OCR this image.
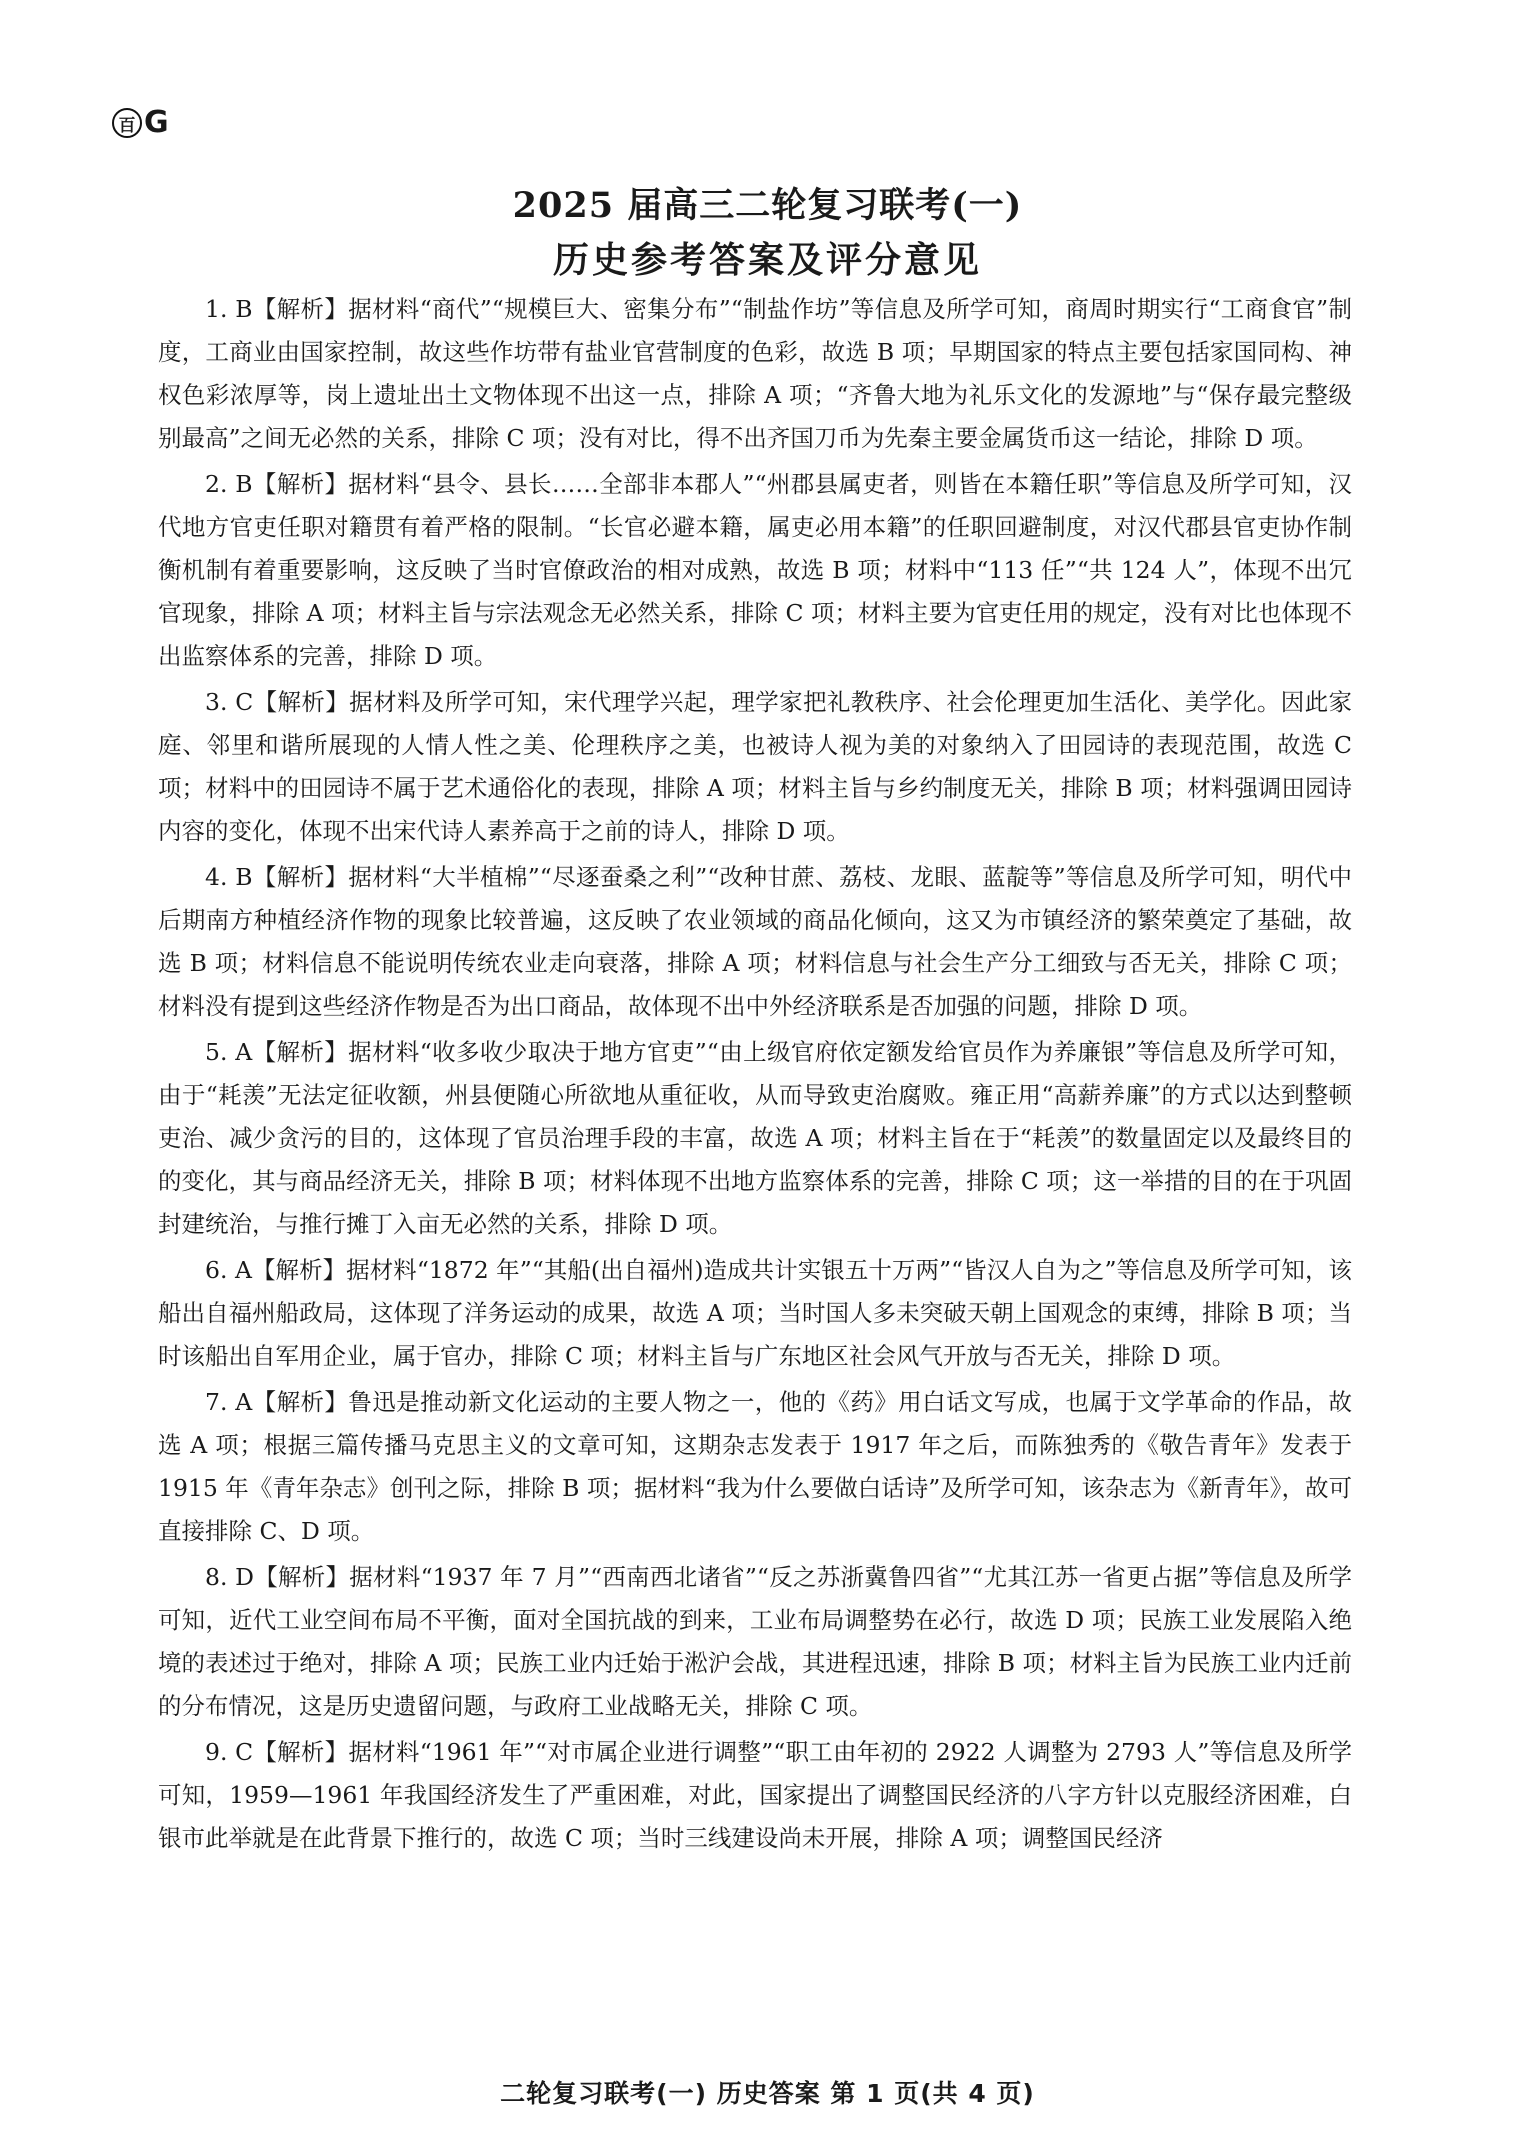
百 G
2025 届高三二轮复习联考(一)
历史参考答案及评分意见

1. B【解析】据材料“商代”“规模巨大、密集分布”“制盐作坊”等信息及所学可知，商周时期实行“工商食官”制度，工商业由国家控制，故这些作坊带有盐业官营制度的色彩，故选 B 项；早期国家的特点主要包括家国同构、神权色彩浓厚等，岗上遗址出土文物体现不出这一点，排除 A 项；“齐鲁大地为礼乐文化的发源地”与“保存最完整级别最高”之间无必然的关系，排除 C 项；没有对比，得不出齐国刀币为先秦主要金属货币这一结论，排除 D 项。

2. B【解析】据材料“县令、县长……全部非本郡人”“州郡县属吏者，则皆在本籍任职”等信息及所学可知，汉代地方官吏任职对籍贯有着严格的限制。“长官必避本籍，属吏必用本籍”的任职回避制度，对汉代郡县官吏协作制衡机制有着重要影响，这反映了当时官僚政治的相对成熟，故选 B 项；材料中“113 任”“共 124 人”，体现不出冗官现象，排除 A 项；材料主旨与宗法观念无必然关系，排除 C 项；材料主要为官吏任用的规定，没有对比也体现不出监察体系的完善，排除 D 项。

3. C【解析】据材料及所学可知，宋代理学兴起，理学家把礼教秩序、社会伦理更加生活化、美学化。因此家庭、邻里和谐所展现的人情人性之美、伦理秩序之美，也被诗人视为美的对象纳入了田园诗的表现范围，故选 C 项；材料中的田园诗不属于艺术通俗化的表现，排除 A 项；材料主旨与乡约制度无关，排除 B 项；材料强调田园诗内容的变化，体现不出宋代诗人素养高于之前的诗人，排除 D 项。

4. B【解析】据材料“大半植棉”“尽逐蚕桑之利”“改种甘蔗、荔枝、龙眼、蓝靛等”等信息及所学可知，明代中后期南方种植经济作物的现象比较普遍，这反映了农业领域的商品化倾向，这又为市镇经济的繁荣奠定了基础，故选 B 项；材料信息不能说明传统农业走向衰落，排除 A 项；材料信息与社会生产分工细致与否无关，排除 C 项；材料没有提到这些经济作物是否为出口商品，故体现不出中外经济联系是否加强的问题，排除 D 项。

5. A【解析】据材料“收多收少取决于地方官吏”“由上级官府依定额发给官员作为养廉银”等信息及所学可知，由于“耗羡”无法定征收额，州县便随心所欲地从重征收，从而导致吏治腐败。雍正用“高薪养廉”的方式以达到整顿吏治、减少贪污的目的，这体现了官员治理手段的丰富，故选 A 项；材料主旨在于“耗羡”的数量固定以及最终目的的变化，其与商品经济无关，排除 B 项；材料体现不出地方监察体系的完善，排除 C 项；这一举措的目的在于巩固封建统治，与推行摊丁入亩无必然的关系，排除 D 项。

6. A【解析】据材料“1872 年”“其船(出自福州)造成共计实银五十万两”“皆汉人自为之”等信息及所学可知，该船出自福州船政局，这体现了洋务运动的成果，故选 A 项；当时国人多未突破天朝上国观念的束缚，排除 B 项；当时该船出自军用企业，属于官办，排除 C 项；材料主旨与广东地区社会风气开放与否无关，排除 D 项。

7. A【解析】鲁迅是推动新文化运动的主要人物之一，他的《药》用白话文写成，也属于文学革命的作品，故选 A 项；根据三篇传播马克思主义的文章可知，这期杂志发表于 1917 年之后，而陈独秀的《敬告青年》发表于 1915 年《青年杂志》创刊之际，排除 B 项；据材料“我为什么要做白话诗”及所学可知，该杂志为《新青年》，故可直接排除 C、D 项。

8. D【解析】据材料“1937 年 7 月”“西南西北诸省”“反之苏浙冀鲁四省”“尤其江苏一省更占据”等信息及所学可知，近代工业空间布局不平衡，面对全国抗战的到来，工业布局调整势在必行，故选 D 项；民族工业发展陷入绝境的表述过于绝对，排除 A 项；民族工业内迁始于淞沪会战，其进程迅速，排除 B 项；材料主旨为民族工业内迁前的分布情况，这是历史遗留问题，与政府工业战略无关，排除 C 项。

9. C【解析】据材料“1961 年”“对市属企业进行调整”“职工由年初的 2922 人调整为 2793 人”等信息及所学可知，1959—1961 年我国经济发生了严重困难，对此，国家提出了调整国民经济的八字方针以克服经济困难，白银市此举就是在此背景下推行的，故选 C 项；当时三线建设尚未开展，排除 A 项；调整国民经济

二轮复习联考(一) 历史答案 第 1 页(共 4 页)
